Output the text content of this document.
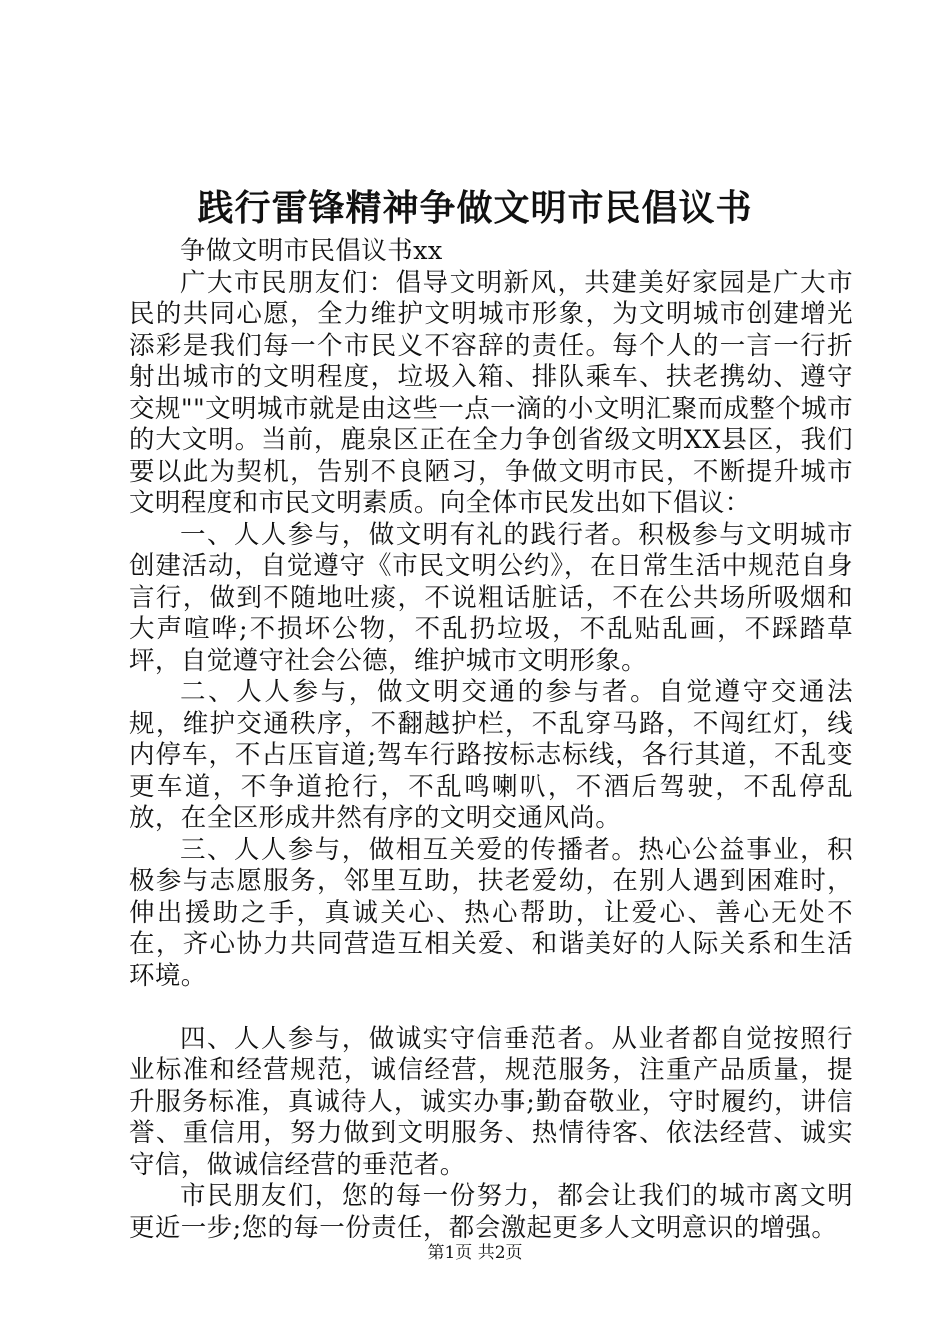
践行雷锋精神争做文明市民倡议书

争做文明市民倡议书xx

广大市民朋友们：倡导文明新风，共建美好家园是广大市民的共同心愿，全力维护文明城市形象，为文明城市创建增光添彩是我们每一个市民义不容辞的责任。每个人的一言一行折射出城市的文明程度，垃圾入箱、排队乘车、扶老携幼、遵守交规""文明城市就是由这些一点一滴的小文明汇聚而成整个城市的大文明。当前，鹿泉区正在全力争创省级文明XX县区，我们要以此为契机，告别不良陋习，争做文明市民，不断提升城市文明程度和市民文明素质。向全体市民发出如下倡议：

一、人人参与，做文明有礼的践行者。积极参与文明城市创建活动，自觉遵守《市民文明公约》，在日常生活中规范自身言行，做到不随地吐痰，不说粗话脏话，不在公共场所吸烟和大声喧哗;不损坏公物，不乱扔垃圾，不乱贴乱画，不踩踏草坪，自觉遵守社会公德，维护城市文明形象。

二、人人参与，做文明交通的参与者。自觉遵守交通法规，维护交通秩序，不翻越护栏，不乱穿马路，不闯红灯，线内停车，不占压盲道;驾车行路按标志标线，各行其道，不乱变更车道，不争道抢行，不乱鸣喇叭，不酒后驾驶，不乱停乱放，在全区形成井然有序的文明交通风尚。

三、人人参与，做相互关爱的传播者。热心公益事业，积极参与志愿服务，邻里互助，扶老爱幼，在别人遇到困难时，伸出援助之手，真诚关心、热心帮助，让爱心、善心无处不在，齐心协力共同营造互相关爱、和谐美好的人际关系和生活环境。

四、人人参与，做诚实守信垂范者。从业者都自觉按照行业标准和经营规范，诚信经营，规范服务，注重产品质量，提升服务标准，真诚待人，诚实办事;勤奋敬业，守时履约，讲信誉、重信用，努力做到文明服务、热情待客、依法经营、诚实守信，做诚信经营的垂范者。

市民朋友们，您的每一份努力，都会让我们的城市离文明更近一步;您的每一份责任，都会激起更多人文明意识的增强。

第1页 共2页
